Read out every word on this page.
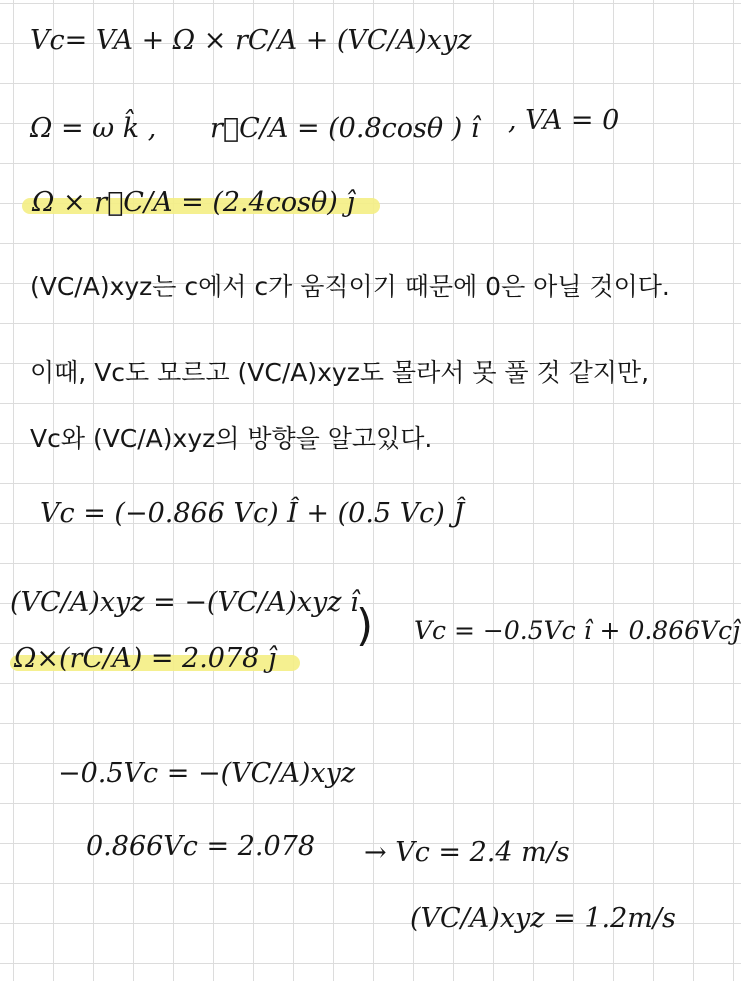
Vc= VA + Ω × rC/A + (VC/A)xyz
Ω = ω k̂ , r⃗C/A = (0.8cosθ ) î , VA = 0
Ω × r⃗C/A = (2.4cosθ) ĵ
(VC/A)xyz는 c에서 c가 움직이기 때문에 0은 아닐 것이다.
이때, Vc도 모르고 (VC/A)xyz도 몰라서 못 풀 것 같지만,
Vc와 (VC/A)xyz의 방향을 알고있다.
Vc = (−0.866 Vc) Î + (0.5 Vc) Ĵ
(VC/A)xyz = −(VC/A)xyz î
Ω×(rC/A) = 2.078 ĵ
) Vc = −0.5Vc î + 0.866Vcĵ
−0.5Vc = −(VC/A)xyz
0.866Vc = 2.078 → Vc = 2.4 m/s
(VC/A)xyz = 1.2m/s
